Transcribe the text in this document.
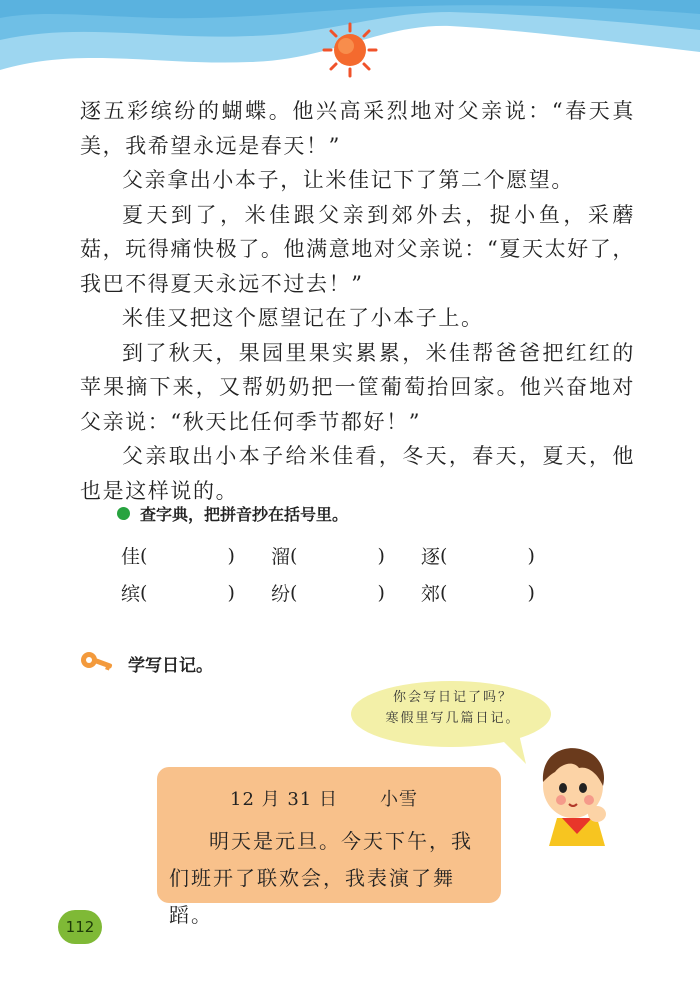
逐五彩缤纷的蝴蝶。他兴高采烈地对父亲说：“春天真美，我希望永远是春天！”

父亲拿出小本子，让米佳记下了第二个愿望。

夏天到了，米佳跟父亲到郊外去，捉小鱼，采蘑菇，玩得痛快极了。他满意地对父亲说：“夏天太好了，我巴不得夏天永远不过去！”

米佳又把这个愿望记在了小本子上。

到了秋天，果园里果实累累，米佳帮爸爸把红红的苹果摘下来，又帮奶奶把一筐葡萄抬回家。他兴奋地对父亲说：“秋天比任何季节都好！”

父亲取出小本子给米佳看，冬天，春天，夏天，他也是这样说的。

查字典，把拼音抄在括号里。
佳 (	) 溜 (	) 逐 (	)
缤 (	) 纷 (	) 郊 (	)
学写日记。
你会写日记了吗？
寒假里写几篇日记。
12 月 31 日 小雪

明天是元旦。今天下午，我们班开了联欢会，我表演了舞蹈。

112
